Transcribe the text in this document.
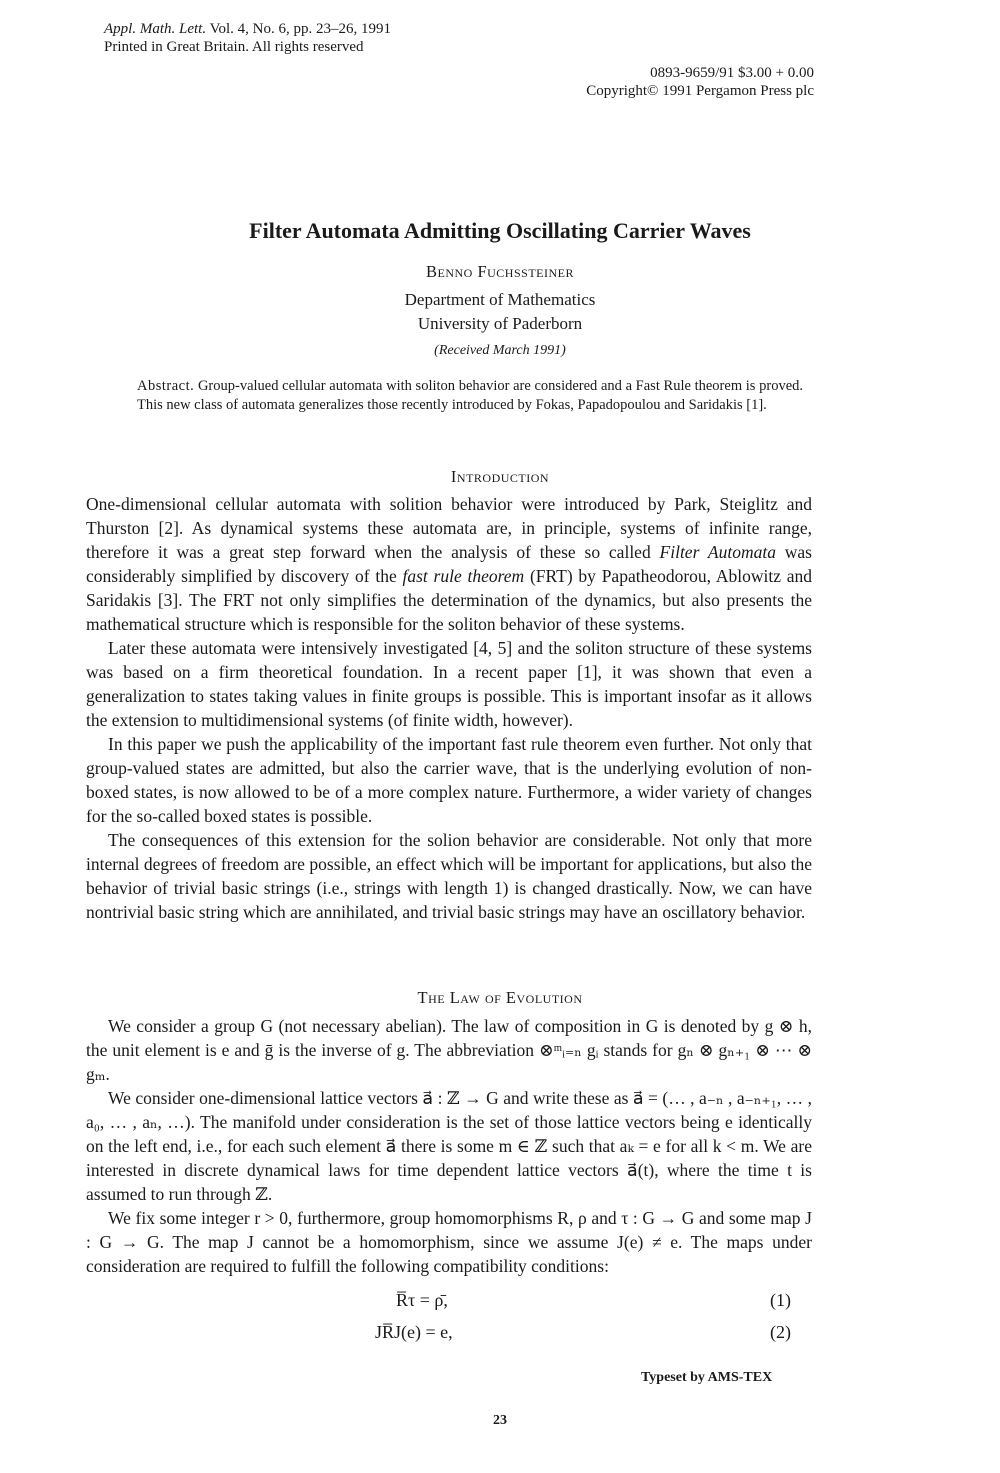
Appl. Math. Lett. Vol. 4, No. 6, pp. 23–26, 1991
Printed in Great Britain. All rights reserved
0893-9659/91 $3.00 + 0.00
Copyright© 1991 Pergamon Press plc
Filter Automata Admitting Oscillating Carrier Waves
Benno Fuchssteiner
Department of Mathematics
University of Paderborn
(Received March 1991)
Abstract. Group-valued cellular automata with soliton behavior are considered and a Fast Rule theorem is proved. This new class of automata generalizes those recently introduced by Fokas, Papadopoulou and Saridakis [1].
Introduction

One-dimensional cellular automata with solition behavior were introduced by Park, Steiglitz and Thurston [2]. As dynamical systems these automata are, in principle, systems of infinite range, therefore it was a great step forward when the analysis of these so called Filter Automata was considerably simplified by discovery of the fast rule theorem (FRT) by Papatheodorou, Ablowitz and Saridakis [3]. The FRT not only simplifies the determination of the dynamics, but also presents the mathematical structure which is responsible for the soliton behavior of these systems.

Later these automata were intensively investigated [4, 5] and the soliton structure of these systems was based on a firm theoretical foundation. In a recent paper [1], it was shown that even a generalization to states taking values in finite groups is possible. This is important insofar as it allows the extension to multidimensional systems (of finite width, however).

In this paper we push the applicability of the important fast rule theorem even further. Not only that group-valued states are admitted, but also the carrier wave, that is the underlying evolution of non-boxed states, is now allowed to be of a more complex nature. Furthermore, a wider variety of changes for the so-called boxed states is possible.

The consequences of this extension for the solion behavior are considerable. Not only that more internal degrees of freedom are possible, an effect which will be important for applications, but also the behavior of trivial basic strings (i.e., strings with length 1) is changed drastically. Now, we can have nontrivial basic string which are annihilated, and trivial basic strings may have an oscillatory behavior.

The Law of Evolution

We consider a group G (not necessary abelian). The law of composition in G is denoted by g ⊗ h, the unit element is e and ḡ is the inverse of g. The abbreviation ⊗ᵐᵢ₌ₙ gᵢ stands for gₙ ⊗ gₙ₊₁ ⊗ ⋯ ⊗ gₘ.

We consider one-dimensional lattice vectors a⃗ : ℤ → G and write these as a⃗ = (… , a₋ₙ , a₋ₙ₊₁, … , a₀, … , aₙ, …). The manifold under consideration is the set of those lattice vectors being e identically on the left end, i.e., for each such element a⃗ there is some m ∈ ℤ such that aₖ = e for all k < m. We are interested in discrete dynamical laws for time dependent lattice vectors a⃗(t), where the time t is assumed to run through ℤ.

We fix some integer r > 0, furthermore, group homomorphisms R, ρ and τ : G → G and some map J : G → G. The map J cannot be a homomorphism, since we assume J(e) ≠ e. The maps under consideration are required to fulfill the following compatibility conditions:

R̅τ = ρ̄,	(1)
JR̅J(e) = e,	(2)
Typeset by AMS-TEX
23
